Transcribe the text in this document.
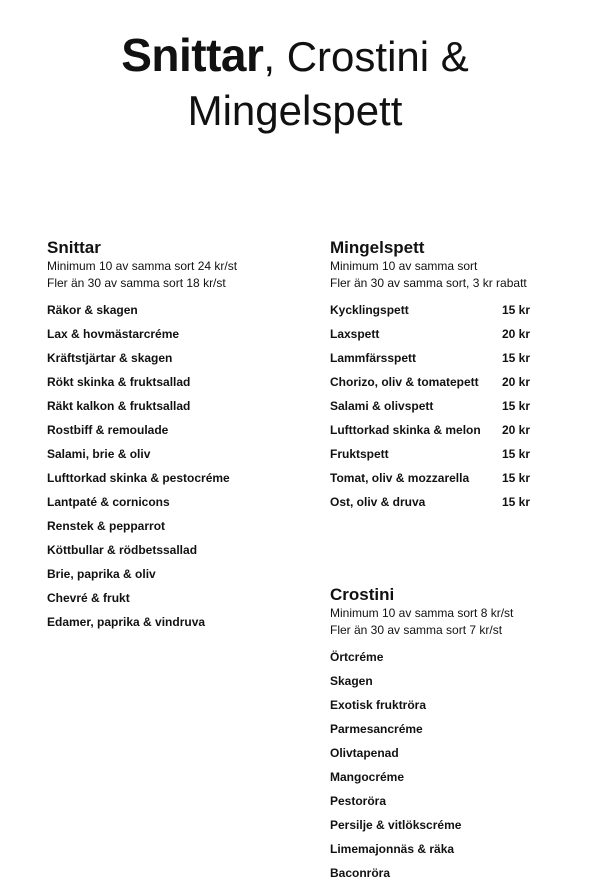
Snittar, Crostini &
Mingelspett

Snittar

Minimum 10 av samma sort 24 kr/st

Fler än 30 av samma sort 18 kr/st

Räkor & skagen
Lax & hovmästarcréme
Kräftstjärtar & skagen
Rökt skinka & fruktsallad
Räkt kalkon & fruktsallad
Rostbiff & remoulade
Salami, brie & oliv
Lufttorkad skinka & pestocréme
Lantpaté & cornicons
Renstek & pepparrot
Köttbullar & rödbetssallad
Brie, paprika & oliv
Chevré & frukt
Edamer, paprika & vindruva

Mingelspett

Minimum 10 av samma sort

Fler än 30 av samma sort, 3 kr rabatt

Kycklingspett	15 kr
Laxspett	20 kr
Lammfärsspett	15 kr
Chorizo, oliv & tomatepett	20 kr
Salami & olivspett	15 kr
Lufttorkad skinka & melon	20 kr
Fruktspett	15 kr
Tomat, oliv & mozzarella	15 kr
Ost, oliv & druva	15 kr

Crostini

Minimum 10 av samma sort 8 kr/st

Fler än 30 av samma sort 7 kr/st

Örtcréme
Skagen
Exotisk fruktröra
Parmesancréme
Olivtapenad
Mangocréme
Pestoröra
Persilje & vitlökscréme
Limemajonnäs & räka
Baconröra
